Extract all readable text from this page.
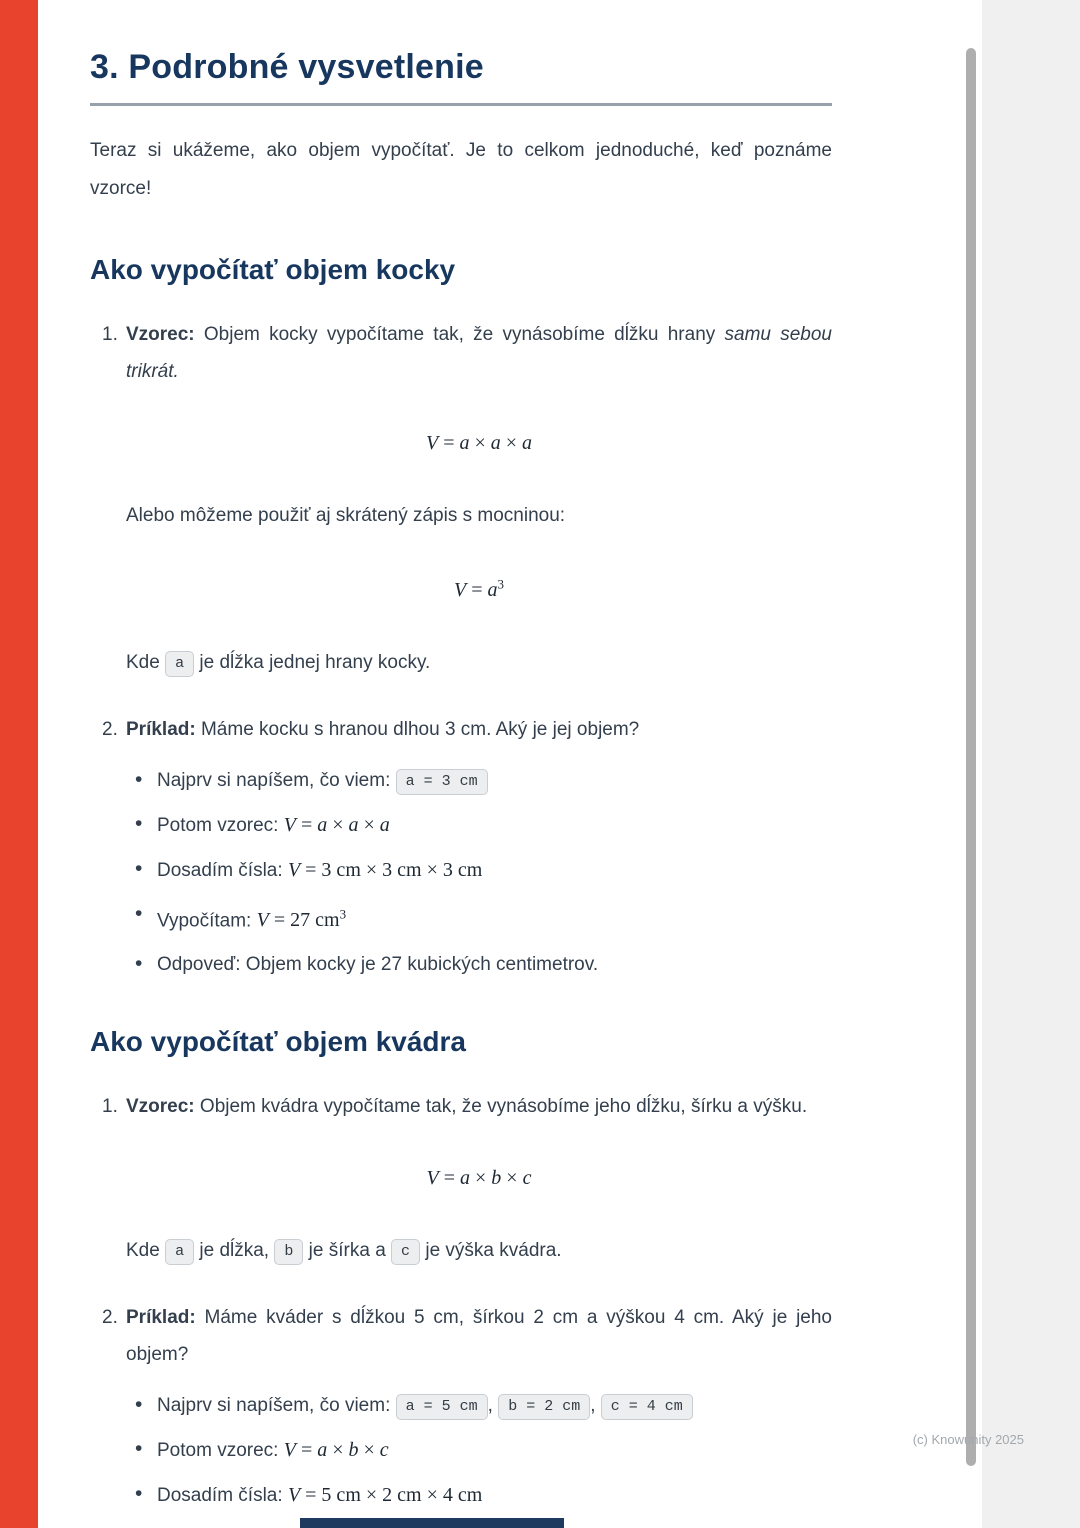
3. Podrobné vysvetlenie

Teraz si ukážeme, ako objem vypočítať. Je to celkom jednoduché, keď poznáme vzorce!

Ako vypočítať objem kocky
1. Vzorec: Objem kocky vypočítame tak, že vynásobíme dĺžku hrany samu sebou trikrát.
V = a × a × a

Alebo môžeme použiť aj skrátený zápis s mocninou:

$V = a^3$

Kde a je dĺžka jednej hrany kocky.

2. Príklad: Máme kocku s hranou dlhou 3 cm. Aký je jej objem?
• Najprv si napíšem, čo viem: a = 3 cm
• Potom vzorec: V = a × a × a
• Dosadím čísla: V = 3 cm × 3 cm × 3 cm
• Vypočítam: V = 27 $cm^3$
• Odpoveď: Objem kocky je 27 kubických centimetrov.
Ako vypočítať objem kvádra
1. Vzorec: Objem kvádra vypočítame tak, že vynásobíme jeho dĺžku, šírku a výšku.
V = a × b × c

Kde a je dĺžka, b je šírka a c je výška kvádra.

2. Príklad: Máme kváder s dĺžkou 5 cm, šírkou 2 cm a výškou 4 cm. Aký je jeho objem?
• Najprv si napíšem, čo viem: a = 5 cm , b = 2 cm , c = 4 cm
• Potom vzorec: V = a × b × c
• Dosadím čísla: V = 5 cm × 2 cm × 4 cm
(c) Knowunity 2025
